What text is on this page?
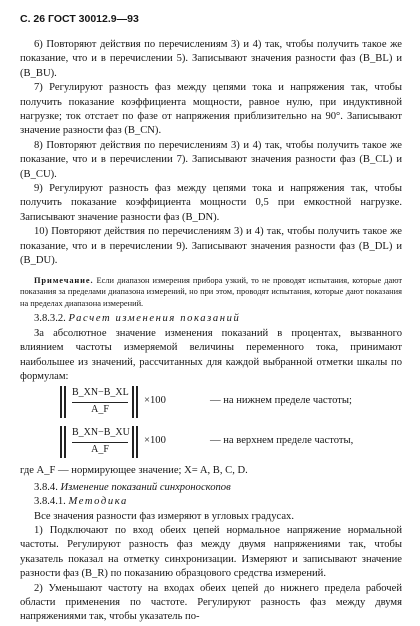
С. 26 ГОСТ 30012.9—93

6) Повторяют действия по перечислениям 3) и 4) так, чтобы получить такое же показание, что и в перечислении 5). Записывают значения разности фаз (B_BL) и (B_BU).

7) Регулируют разность фаз между цепями тока и напряжения так, чтобы получить показание коэффициента мощности, равное нулю, при индуктивной нагрузке; ток отстает по фазе от напряжения приблизительно на 90°. Записывают значение разности фаз (B_CN).

8) Повторяют действия по перечислениям 3) и 4) так, чтобы получить такое же показание, что и в перечислении 7). Записывают значения разности фаз (B_CL) и (B_CU).

9) Регулируют разность фаз между цепями тока и напряжения так, чтобы получить показание коэффициента мощности 0,5 при емкостной нагрузке. Записывают значение разности фаз (B_DN).

10) Повторяют действия по перечислениям 3) и 4) так, чтобы получить такое же показание, что и в перечислении 9). Записывают значения разности фаз (B_DL) и (B_DU).

Примечание. Если диапазон измерения прибора узкий, то не проводят испытания, которые дают показания за пределами диапазона измерений, но при этом, проводят испытания, которые дают показания на пределах диапазона измерений.

3.8.3.2. Расчет изменения показаний

За абсолютное значение изменения показаний в процентах, вызванного влиянием частоты измеряемой величины переменного тока, принимают наибольшее из значений, рассчитанных для каждой выбранной отметки шкалы по формулам:

B_XN−B_XL
A_F
×100	— на нижнем пределе частоты;
B_XN−B_XU
A_F
×100	— на верхнем пределе частоты,

где A_F — нормирующее значение; X= A, B, C, D.

3.8.4. Изменение показаний синхроноскопов

3.8.4.1. Методика

Все значения разности фаз измеряют в угловых градусах.

1) Подключают по вход обеих цепей нормальное напряжение нормальной частоты. Регулируют разность фаз между двумя напряжениями так, чтобы указатель показал на отметку синхронизации. Измеряют и записывают значение разности фаз (B_R) по показанию образцового средства измерений.

2) Уменьшают частоту на входах обеих цепей до нижнего предела рабочей области применения по частоте. Регулируют разность фаз между двумя напряжениями так, чтобы указатель по-
